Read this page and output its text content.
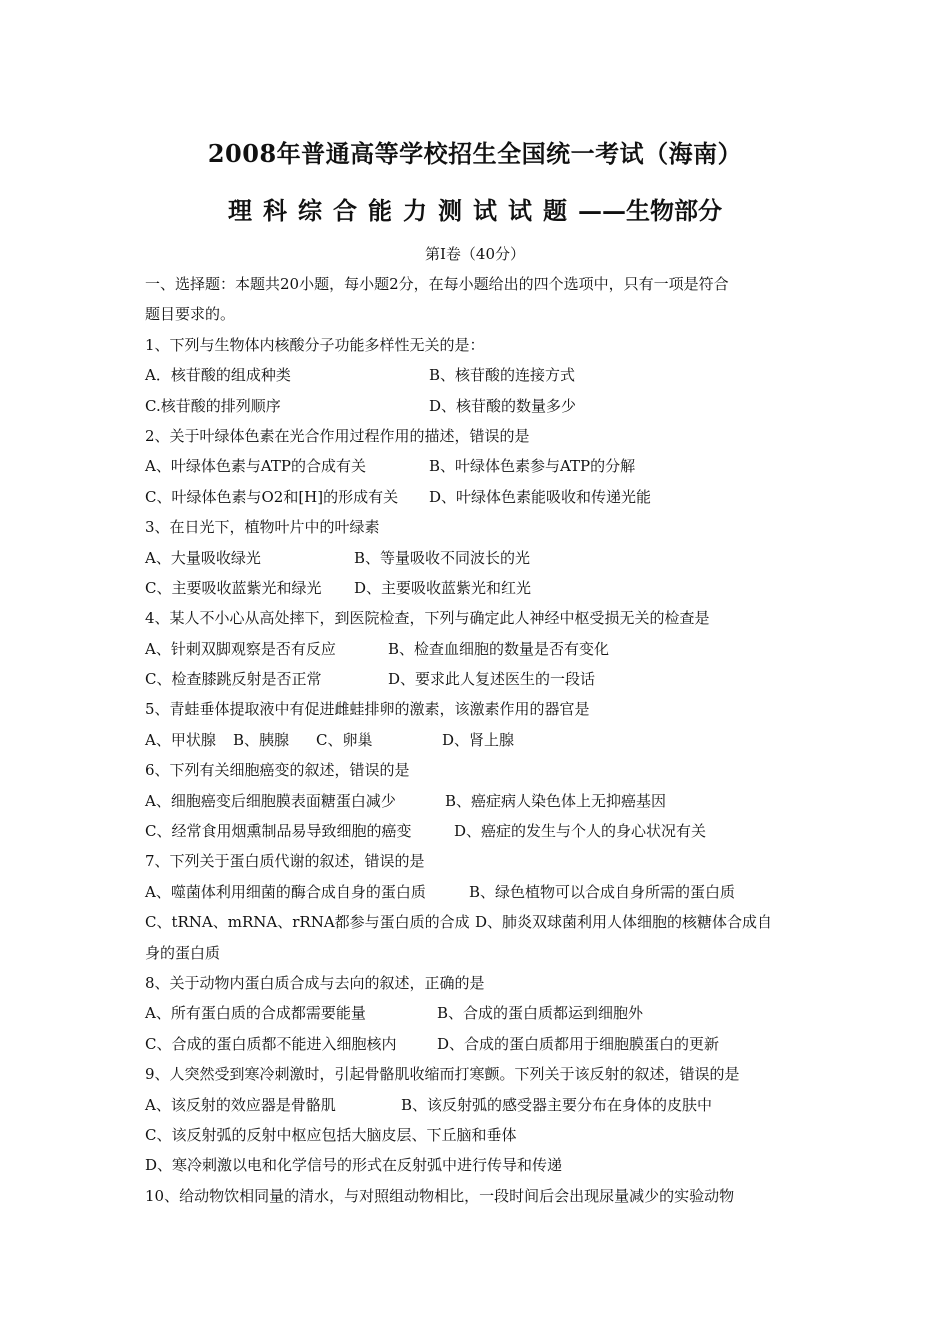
2008年普通高等学校招生全国统一考试（海南）
理科综合能力测试试题——生物部分
第Ⅰ卷（40分）
一、选择题：本题共20小题，每小题2分，在每小题给出的四个选项中，只有一项是符合
题目要求的。
1、下列与生物体内核酸分子功能多样性无关的是：
A．核苷酸的组成种类	B、核苷酸的连接方式
C.核苷酸的排列顺序	D、核苷酸的数量多少
2、关于叶绿体色素在光合作用过程作用的描述，错误的是
A、叶绿体色素与ATP的合成有关	B、叶绿体色素参与ATP的分解
C、叶绿体色素与O2和[H]的形成有关 D、叶绿体色素能吸收和传递光能
3、在日光下，植物叶片中的叶绿素
A、大量吸收绿光	B、等量吸收不同波长的光
C、主要吸收蓝紫光和绿光 D、主要吸收蓝紫光和红光
4、某人不小心从高处摔下，到医院检查，下列与确定此人神经中枢受损无关的检查是
A、针刺双脚观察是否有反应	B、检查血细胞的数量是否有变化
C、检查膝跳反射是否正常	D、要求此人复述医生的一段话
5、青蛙垂体提取液中有促进雌蛙排卵的激素，该激素作用的器官是
A、甲状腺 B、胰腺 C、卵巢	D、肾上腺
6、下列有关细胞癌变的叙述，错误的是
A、细胞癌变后细胞膜表面糖蛋白减少	B、癌症病人染色体上无抑癌基因
C、经常食用烟熏制品易导致细胞的癌变	D、癌症的发生与个人的身心状况有关
7、下列关于蛋白质代谢的叙述，错误的是
A、噬菌体利用细菌的酶合成自身的蛋白质	B、绿色植物可以合成自身所需的蛋白质
C、tRNA、mRNA、rRNA都参与蛋白质的合成 D、肺炎双球菌利用人体细胞的核糖体合成自
身的蛋白质
8、关于动物内蛋白质合成与去向的叙述，正确的是
A、所有蛋白质的合成都需要能量	B、合成的蛋白质都运到细胞外
C、合成的蛋白质都不能进入细胞核内	D、合成的蛋白质都用于细胞膜蛋白的更新
9、人突然受到寒冷刺激时，引起骨骼肌收缩而打寒颤。下列关于该反射的叙述，错误的是
A、该反射的效应器是骨骼肌	B、该反射弧的感受器主要分布在身体的皮肤中
C、该反射弧的反射中枢应包括大脑皮层、下丘脑和垂体
D、寒冷刺激以电和化学信号的形式在反射弧中进行传导和传递
10、给动物饮相同量的清水，与对照组动物相比，一段时间后会出现尿量减少的实验动物
